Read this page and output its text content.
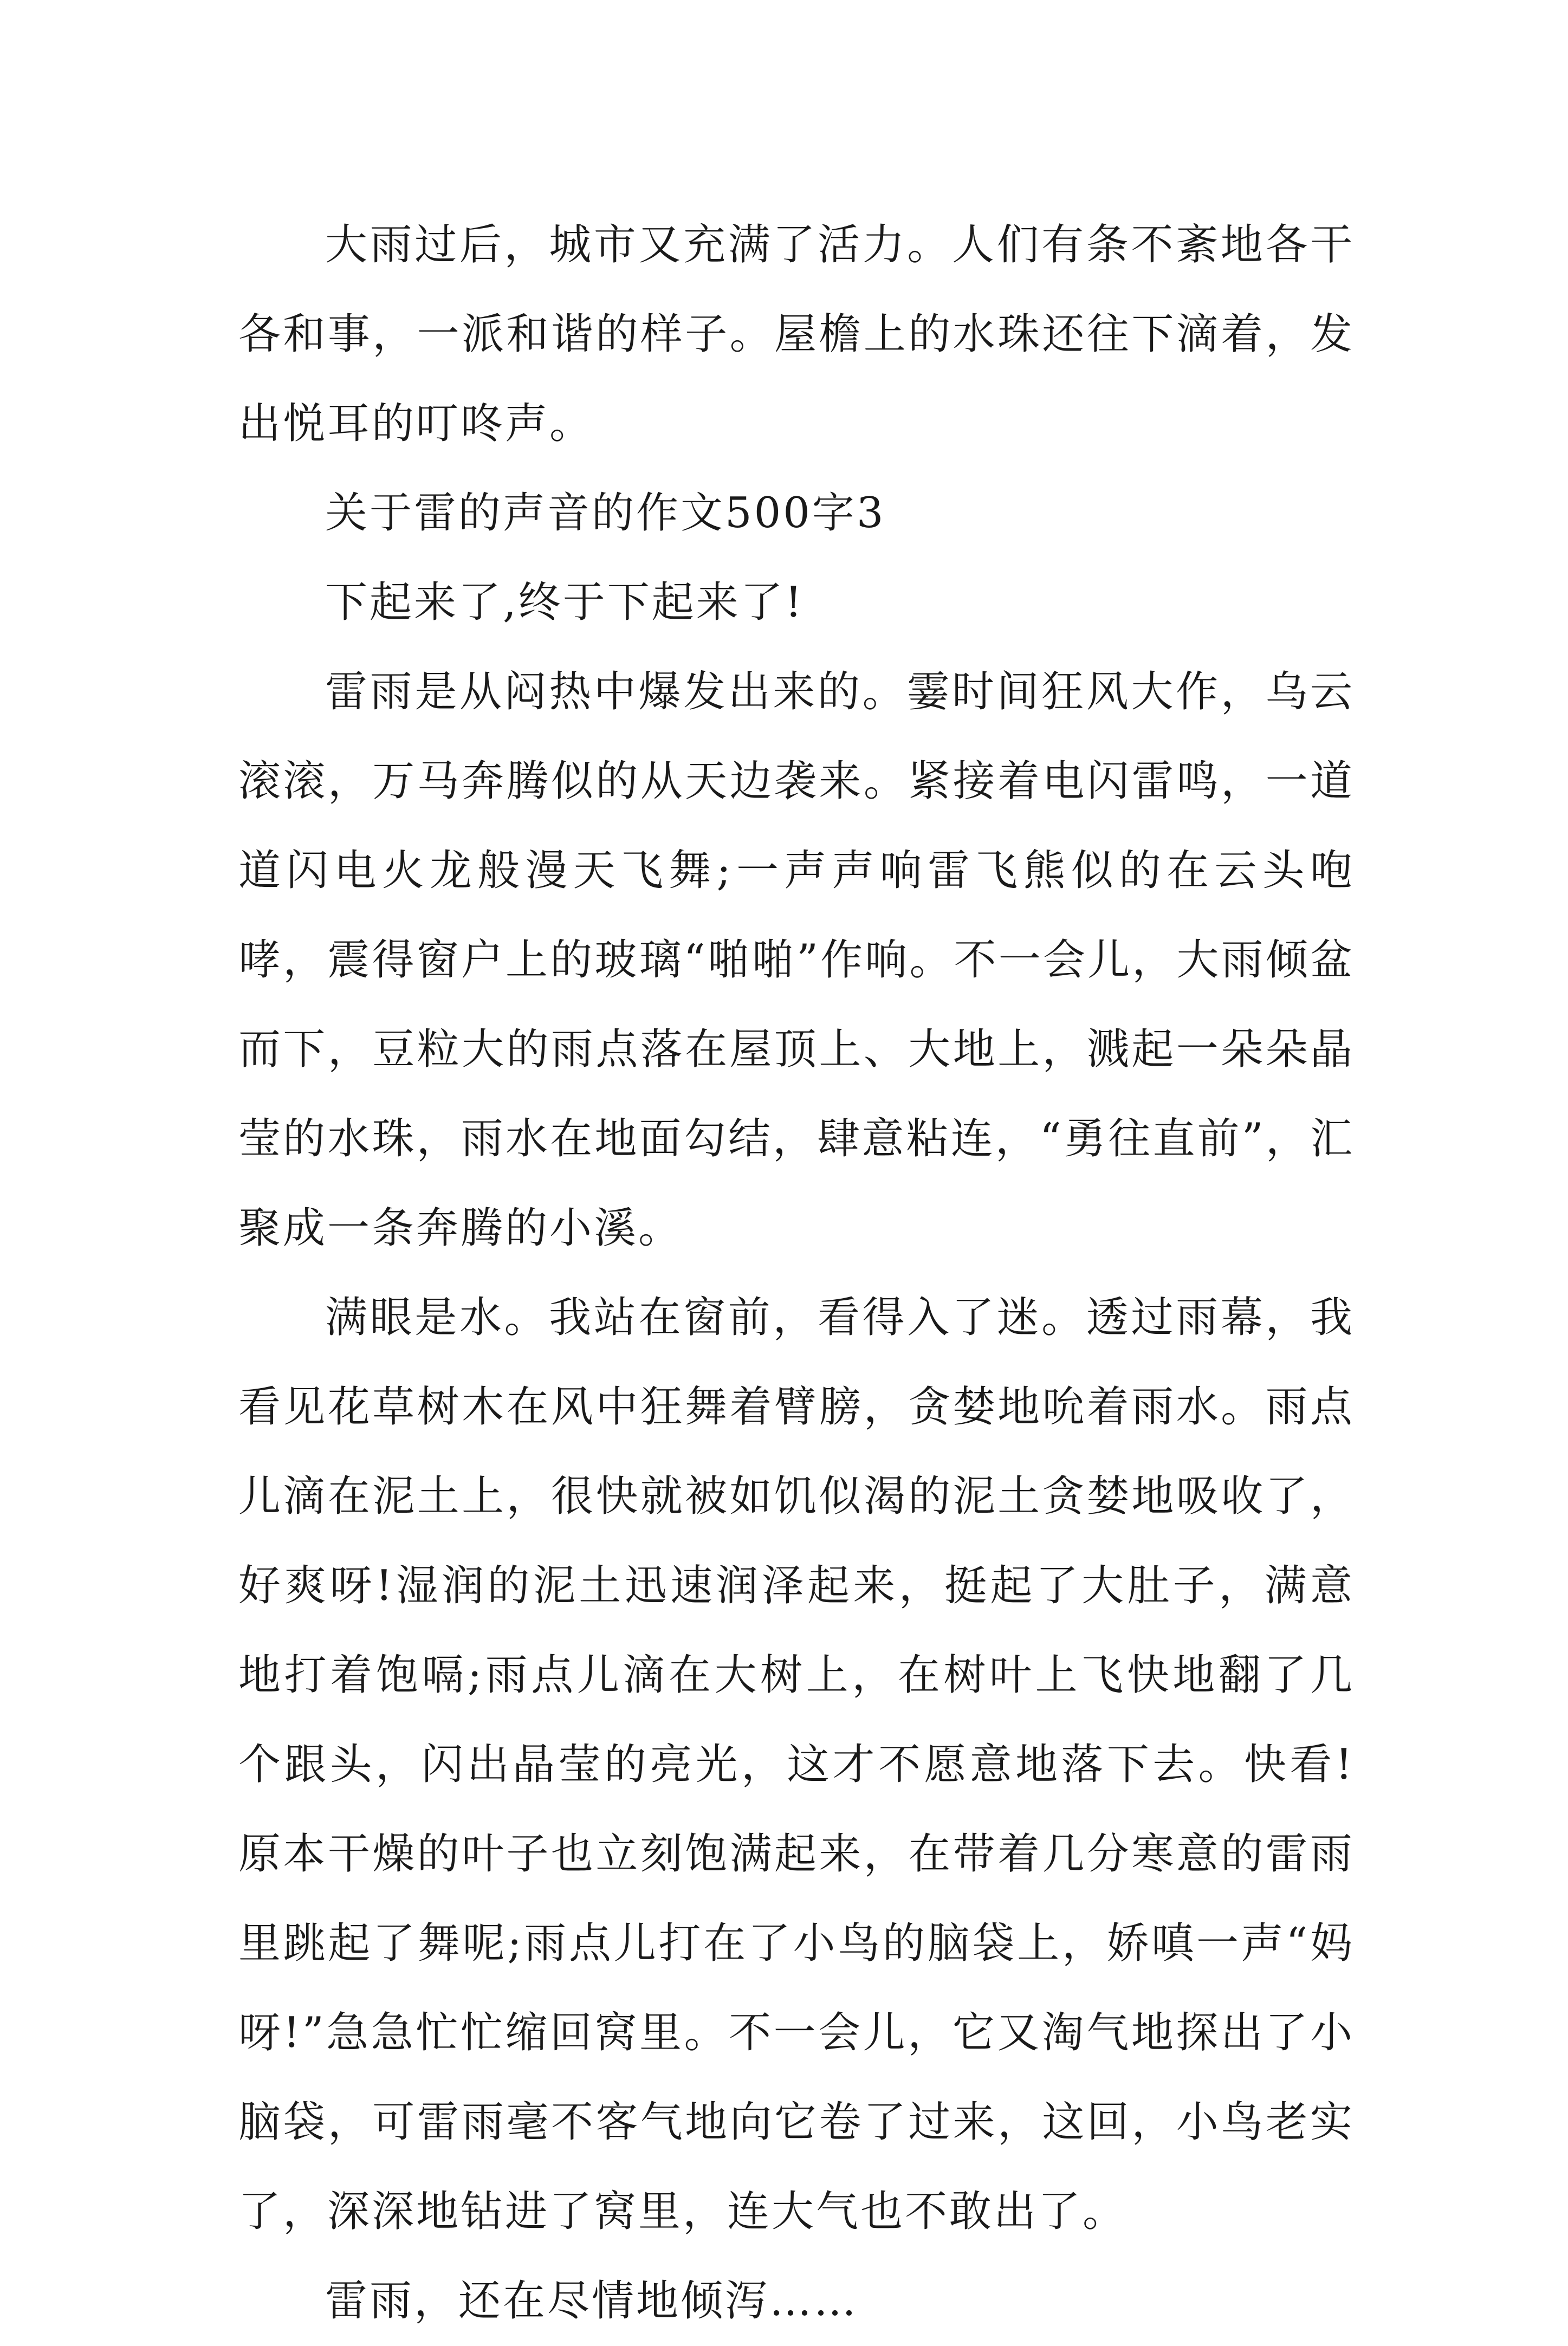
大雨过后，城市又充满了活力。人们有条不紊地各干各和事，一派和谐的样子。屋檐上的水珠还往下滴着，发出悦耳的叮咚声。

关于雷的声音的作文500字3

下起来了,终于下起来了!

雷雨是从闷热中爆发出来的。霎时间狂风大作，乌云滚滚，万马奔腾似的从天边袭来。紧接着电闪雷鸣，一道道闪电火龙般漫天飞舞;一声声响雷飞熊似的在云头咆哮，震得窗户上的玻璃“啪啪”作响。不一会儿，大雨倾盆而下，豆粒大的雨点落在屋顶上、大地上，溅起一朵朵晶莹的水珠，雨水在地面勾结，肆意粘连，“勇往直前”，汇聚成一条奔腾的小溪。

满眼是水。我站在窗前，看得入了迷。透过雨幕，我看见花草树木在风中狂舞着臂膀，贪婪地吮着雨水。雨点儿滴在泥土上，很快就被如饥似渴的泥土贪婪地吸收了，好爽呀!湿润的泥土迅速润泽起来，挺起了大肚子，满意地打着饱嗝;雨点儿滴在大树上，在树叶上飞快地翻了几个跟头，闪出晶莹的亮光，这才不愿意地落下去。快看!原本干燥的叶子也立刻饱满起来，在带着几分寒意的雷雨里跳起了舞呢;雨点儿打在了小鸟的脑袋上，娇嗔一声“妈呀!”急急忙忙缩回窝里。不一会儿，它又淘气地探出了小脑袋，可雷雨毫不客气地向它卷了过来，这回，小鸟老实了，深深地钻进了窝里，连大气也不敢出了。

雷雨，还在尽情地倾泻……
